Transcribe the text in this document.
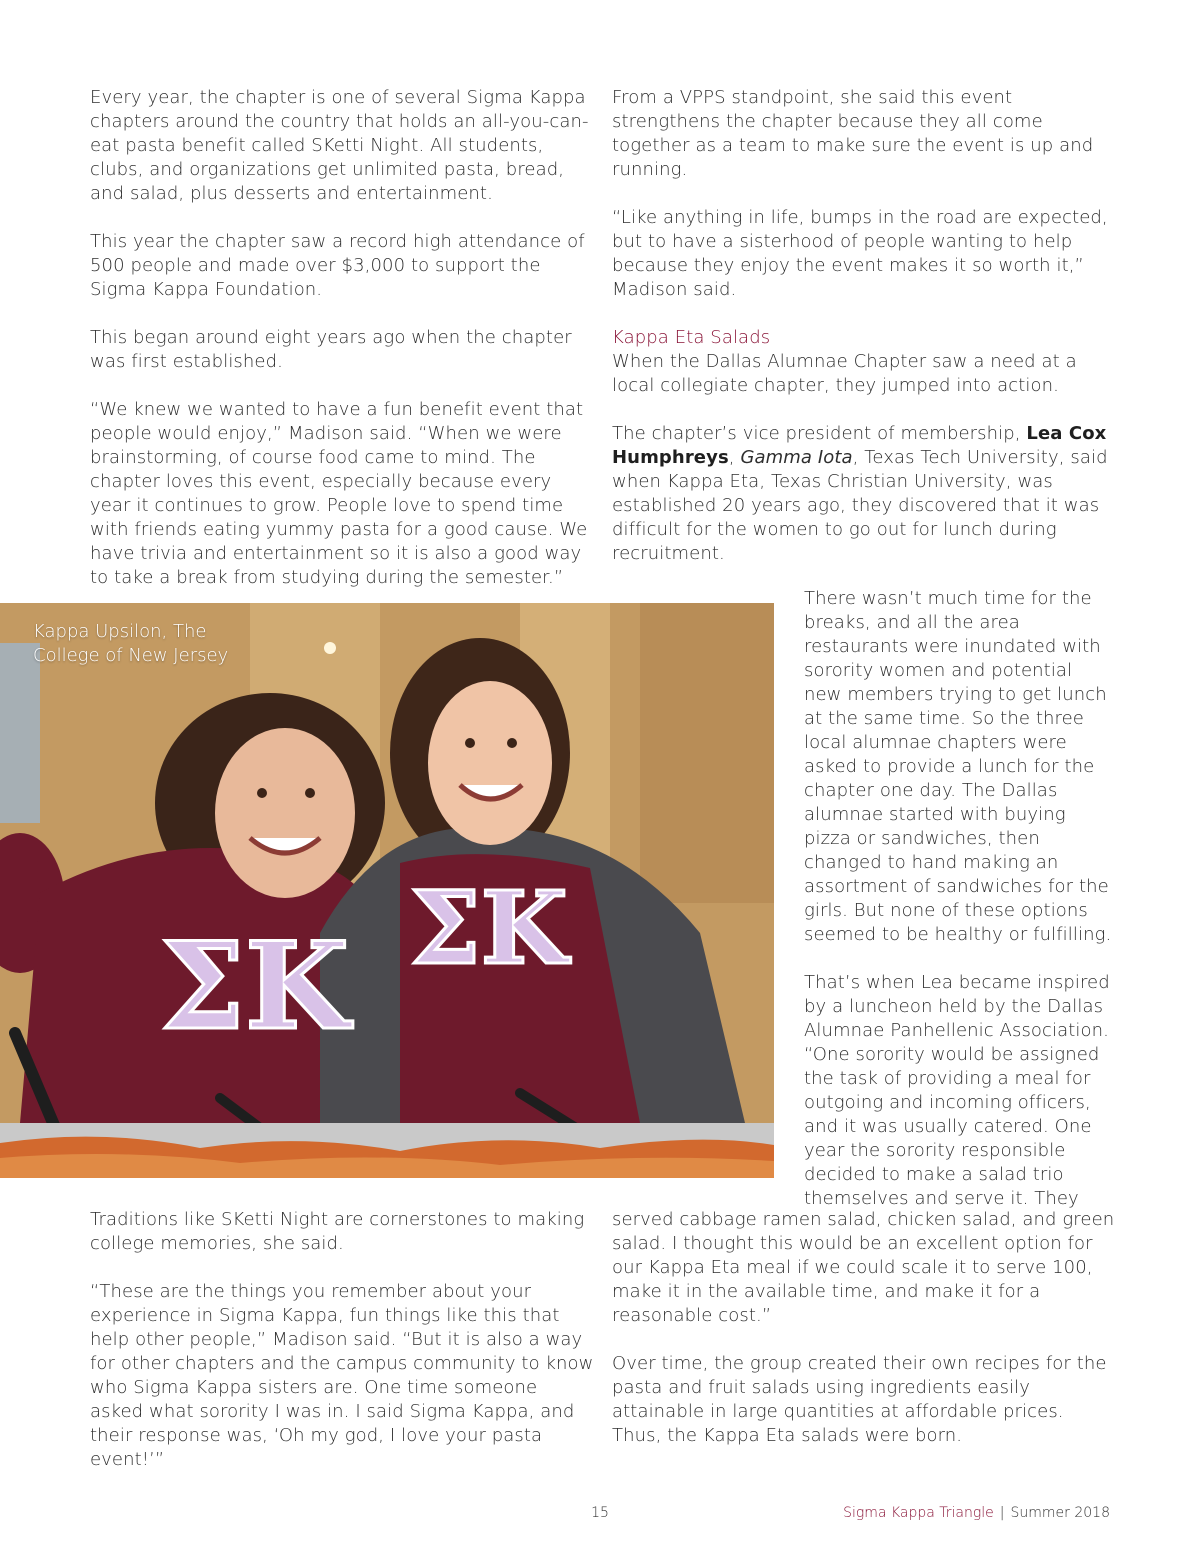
Every year, the chapter is one of several Sigma Kappa chapters around the country that holds an all-you-can-eat pasta benefit called SKetti Night. All students, clubs, and organizations get unlimited pasta, bread, and salad, plus desserts and entertainment.

This year the chapter saw a record high attendance of 500 people and made over $3,000 to support the Sigma Kappa Foundation.

This began around eight years ago when the chapter was first established.

“We knew we wanted to have a fun benefit event that people would enjoy,” Madison said. “When we were brainstorming, of course food came to mind. The chapter loves this event, especially because every year it continues to grow. People love to spend time with friends eating yummy pasta for a good cause. We have trivia and entertainment so it is also a good way to take a break from studying during the semester.”

From a VPPS standpoint, she said this event strengthens the chapter because they all come together as a team to make sure the event is up and running.

“Like anything in life, bumps in the road are expected, but to have a sisterhood of people wanting to help because they enjoy the event makes it so worth it,” Madison said.

Kappa Eta Salads
When the Dallas Alumnae Chapter saw a need at a local collegiate chapter, they jumped into action.

The chapter’s vice president of membership, Lea Cox Humphreys, Gamma Iota, Texas Tech University, said when Kappa Eta, Texas Christian University, was established 20 years ago, they discovered that it was difficult for the women to go out for lunch during recruitment.

ΣK ΣK
Kappa Upsilon, The College of New Jersey

There wasn’t much time for the breaks, and all the area restaurants were inundated with sorority women and potential new members trying to get lunch at the same time. So the three local alumnae chapters were asked to provide a lunch for the chapter one day. The Dallas alumnae started with buying pizza or sandwiches, then changed to hand making an assortment of sandwiches for the girls. But none of these options seemed to be healthy or fulfilling.

That’s when Lea became inspired by a luncheon held by the Dallas Alumnae Panhellenic Association. “One sorority would be assigned the task of providing a meal for outgoing and incoming officers, and it was usually catered. One year the sorority responsible decided to make a salad trio themselves and serve it. They

Traditions like SKetti Night are cornerstones to making college memories, she said.

“These are the things you remember about your experience in Sigma Kappa, fun things like this that help other people,” Madison said. “But it is also a way for other chapters and the campus community to know who Sigma Kappa sisters are. One time someone asked what sorority I was in. I said Sigma Kappa, and their response was, ‘Oh my god, I love your pasta event!’”

served cabbage ramen salad, chicken salad, and green salad. I thought this would be an excellent option for our Kappa Eta meal if we could scale it to serve 100, make it in the available time, and make it for a reasonable cost.”

Over time, the group created their own recipes for the pasta and fruit salads using ingredients easily attainable in large quantities at affordable prices. Thus, the Kappa Eta salads were born.

15	Sigma Kappa Triangle | Summer 2018
